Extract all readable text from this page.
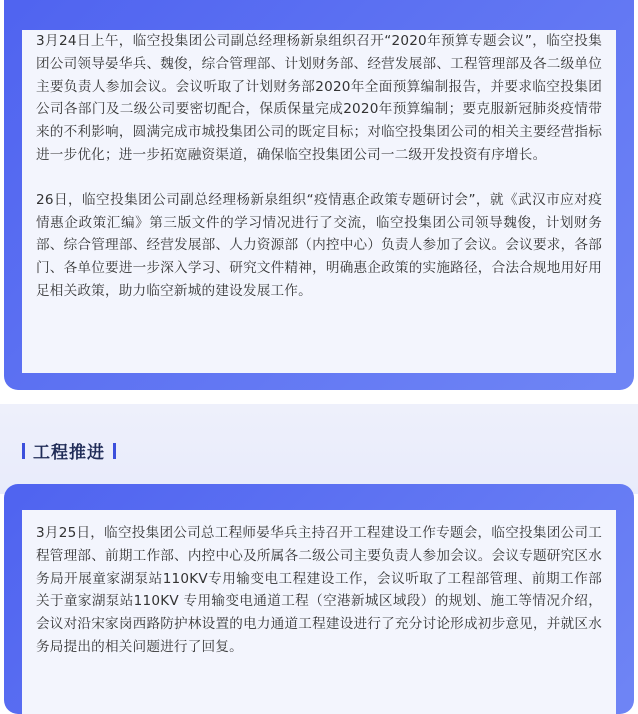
3月24日上午，临空投集团公司副总经理杨新泉组织召开“2020年预算专题会议”，临空投集团公司领导晏华兵、魏俊，综合管理部、计划财务部、经营发展部、工程管理部及各二级单位主要负责人参加会议。会议听取了计划财务部2020年全面预算编制报告，并要求临空投集团公司各部门及二级公司要密切配合，保质保量完成2020年预算编制；要克服新冠肺炎疫情带来的不利影响，圆满完成市城投集团公司的既定目标；对临空投集团公司的相关主要经营指标进一步优化；进一步拓宽融资渠道，确保临空投集团公司一二级开发投资有序增长。

26日，临空投集团公司副总经理杨新泉组织“疫情惠企政策专题研讨会”，就《武汉市应对疫情惠企政策汇编》第三版文件的学习情况进行了交流，临空投集团公司领导魏俊，计划财务部、综合管理部、经营发展部、人力资源部（内控中心）负责人参加了会议。会议要求，各部门、各单位要进一步深入学习、研究文件精神，明确惠企政策的实施路径，合法合规地用好用足相关政策，助力临空新城的建设发展工作。

工程推进

3月25日，临空投集团公司总工程师晏华兵主持召开工程建设工作专题会，临空投集团公司工程管理部、前期工作部、内控中心及所属各二级公司主要负责人参加会议。会议专题研究区水务局开展童家湖泵站110KV专用输变电工程建设工作，会议听取了工程部管理、前期工作部关于童家湖泵站110KV 专用输变电通道工程（空港新城区域段）的规划、施工等情况介绍，会议对沿宋家岗西路防护林设置的电力通道工程建设进行了充分讨论形成初步意见，并就区水务局提出的相关问题进行了回复。
